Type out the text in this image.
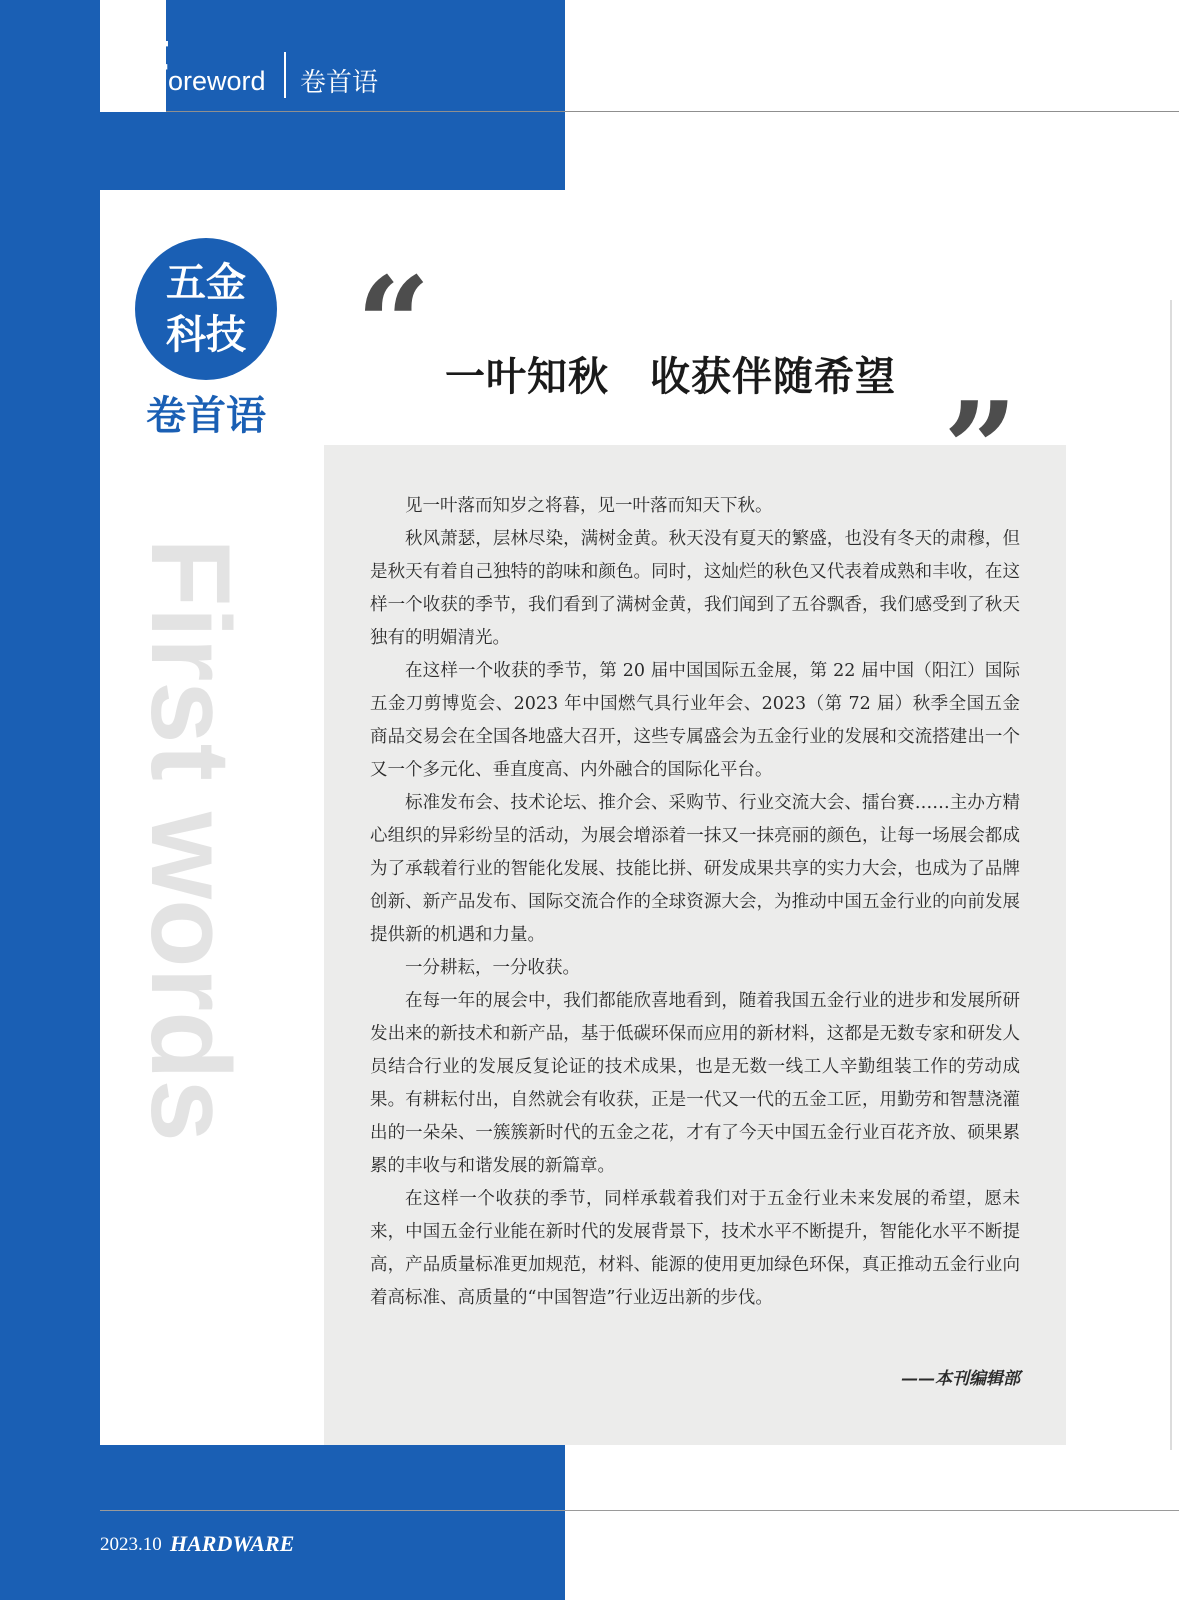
F
oreword 卷首语
2023.10 HARDWARE
五金
科技
卷首语
First words
“ 一叶知秋　收获伴随希望 ”

见一叶落而知岁之将暮，见一叶落而知天下秋。

秋风萧瑟，层林尽染，满树金黄。秋天没有夏天的繁盛，也没有冬天的肃穆，但是秋天有着自己独特的韵味和颜色。同时，这灿烂的秋色又代表着成熟和丰收，在这样一个收获的季节，我们看到了满树金黄，我们闻到了五谷飘香，我们感受到了秋天独有的明媚清光。

在这样一个收获的季节，第 20 届中国国际五金展，第 22 届中国（阳江）国际五金刀剪博览会、2023 年中国燃气具行业年会、2023（第 72 届）秋季全国五金商品交易会在全国各地盛大召开，这些专属盛会为五金行业的发展和交流搭建出一个又一个多元化、垂直度高、内外融合的国际化平台。

标准发布会、技术论坛、推介会、采购节、行业交流大会、擂台赛……主办方精心组织的异彩纷呈的活动，为展会增添着一抹又一抹亮丽的颜色，让每一场展会都成为了承载着行业的智能化发展、技能比拼、研发成果共享的实力大会，也成为了品牌创新、新产品发布、国际交流合作的全球资源大会，为推动中国五金行业的向前发展提供新的机遇和力量。

一分耕耘，一分收获。

在每一年的展会中，我们都能欣喜地看到，随着我国五金行业的进步和发展所研发出来的新技术和新产品，基于低碳环保而应用的新材料，这都是无数专家和研发人员结合行业的发展反复论证的技术成果，也是无数一线工人辛勤组装工作的劳动成果。有耕耘付出，自然就会有收获，正是一代又一代的五金工匠，用勤劳和智慧浇灌出的一朵朵、一簇簇新时代的五金之花，才有了今天中国五金行业百花齐放、硕果累累的丰收与和谐发展的新篇章。

在这样一个收获的季节，同样承载着我们对于五金行业未来发展的希望，愿未来，中国五金行业能在新时代的发展背景下，技术水平不断提升，智能化水平不断提高，产品质量标准更加规范，材料、能源的使用更加绿色环保，真正推动五金行业向着高标准、高质量的“中国智造”行业迈出新的步伐。

——本刊编辑部
